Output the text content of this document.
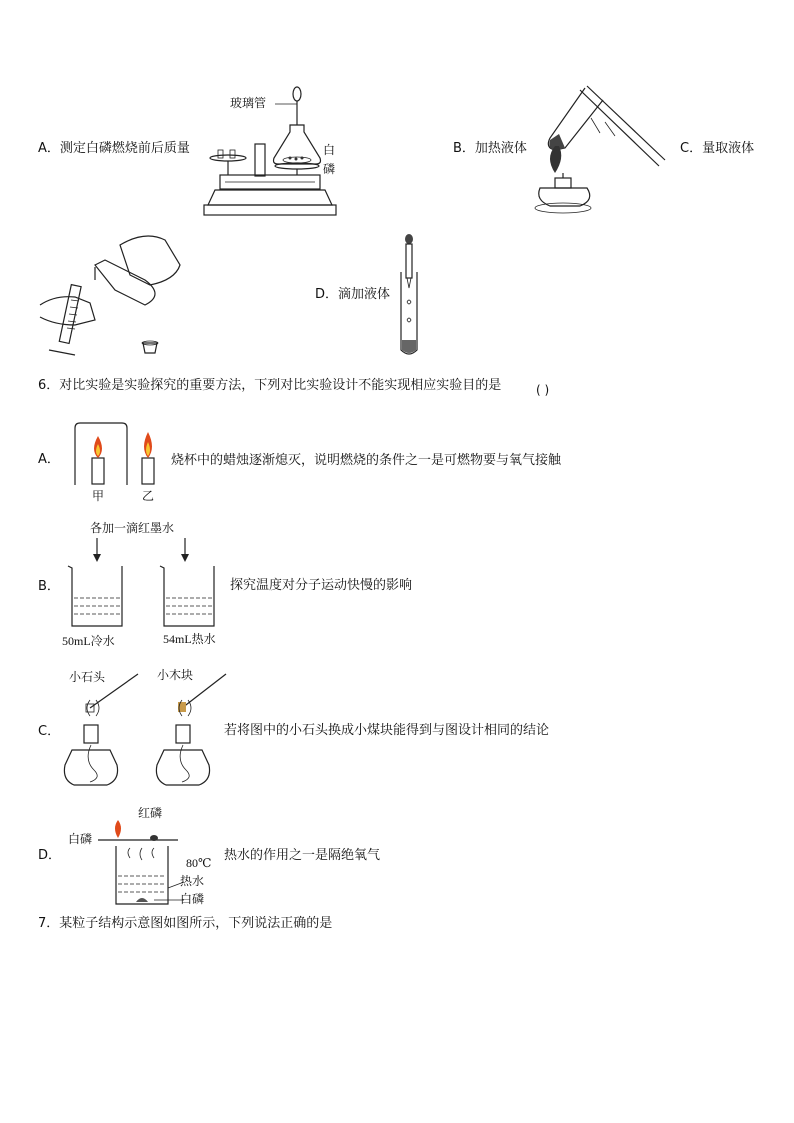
A．测定白磷燃烧前后质量
玻璃管
白
磷
B．加热液体	C．量取液体
D．滴加液体
6．对比实验是实验探究的重要方法，下列对比实验设计不能实现相应实验目的是	( )
A．
甲	乙
烧杯中的蜡烛逐渐熄灭，说明燃烧的条件之一是可燃物要与氧气接触
各加一滴红墨水
B．
50mL冷水	54mL热水
探究温度对分子运动快慢的影响
小石头	小木块
C．	若将图中的小石头换成小煤块能得到与图设计相同的结论
红磷
白磷
D．	80℃
热水
白磷
热水的作用之一是隔绝氧气
7．某粒子结构示意图如图所示，下列说法正确的是
